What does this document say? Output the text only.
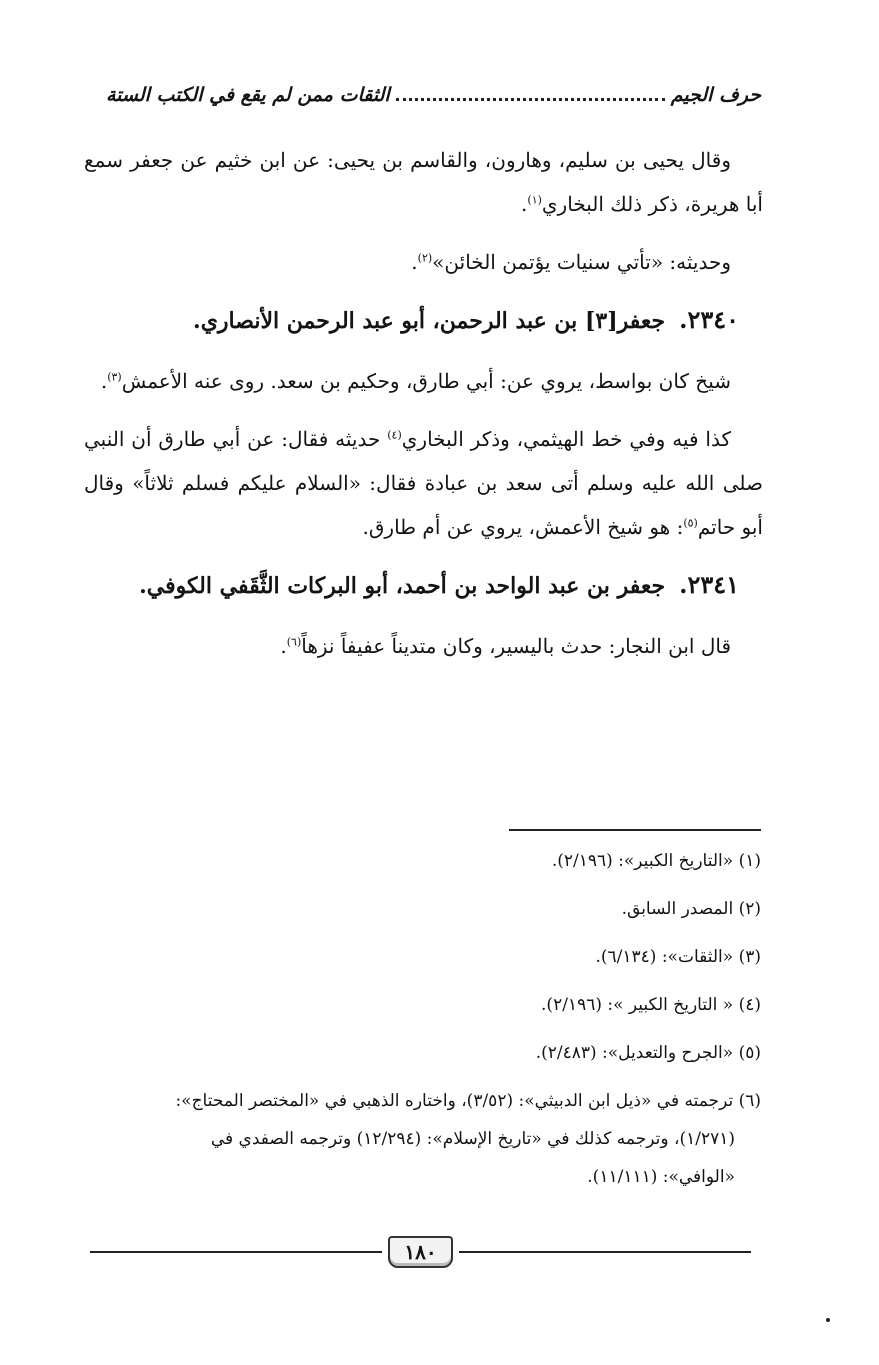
حرف الجيم
الثقات ممن لم يقع في الكتب الستة

وقال يحيى بن سليم، وهارون، والقاسم بن يحيى: عن ابن خثيم عن جعفر سمع أبا هريرة، ذكر ذلك البخاري$^{(١)}$.

وحديثه: «تأتي سنيات يؤتمن الخائن»$^{(٢)}$.

٢٣٤٠.
جعفر[٣] بن عبد الرحمن، أبو عبد الرحمن الأنصاري.

شيخ كان بواسط، يروي عن: أبي طارق، وحكيم بن سعد. روى عنه الأعمش$^{(٣)}$.

كذا فيه وفي خط الهيثمي، وذكر البخاري$^{(٤)}$ حديثه فقال: عن أبي طارق أن النبي صلى الله عليه وسلم أتى سعد بن عبادة فقال: «السلام عليكم فسلم ثلاثاً» وقال أبو حاتم$^{(٥)}$: هو شيخ الأعمش، يروي عن أم طارق.

٢٣٤١.
جعفر بن عبد الواحد بن أحمد، أبو البركات الثَّقَفي الكوفي.

قال ابن النجار: حدث باليسير، وكان متديناً عفيفاً نزهاً$^{(٦)}$.

(١) «التاريخ الكبير»: (٢/١٩٦).
(٢) المصدر السابق.
(٣) «الثقات»: (٦/١٣٤).
(٤) « التاريخ الكبير »: (٢/١٩٦).
(٥) «الجرح والتعديل»: (٢/٤٨٣).
(٦) ترجمته في «ذيل ابن الدبيثي»: (٣/٥٢)، واختاره الذهبي في «المختصر المحتاج»:
(١/٢٧١)، وترجمه كذلك في «تاريخ الإسلام»: (١٢/٢٩٤) وترجمه الصفدي في
«الوافي»: (١١/١١١).
١٨٠
